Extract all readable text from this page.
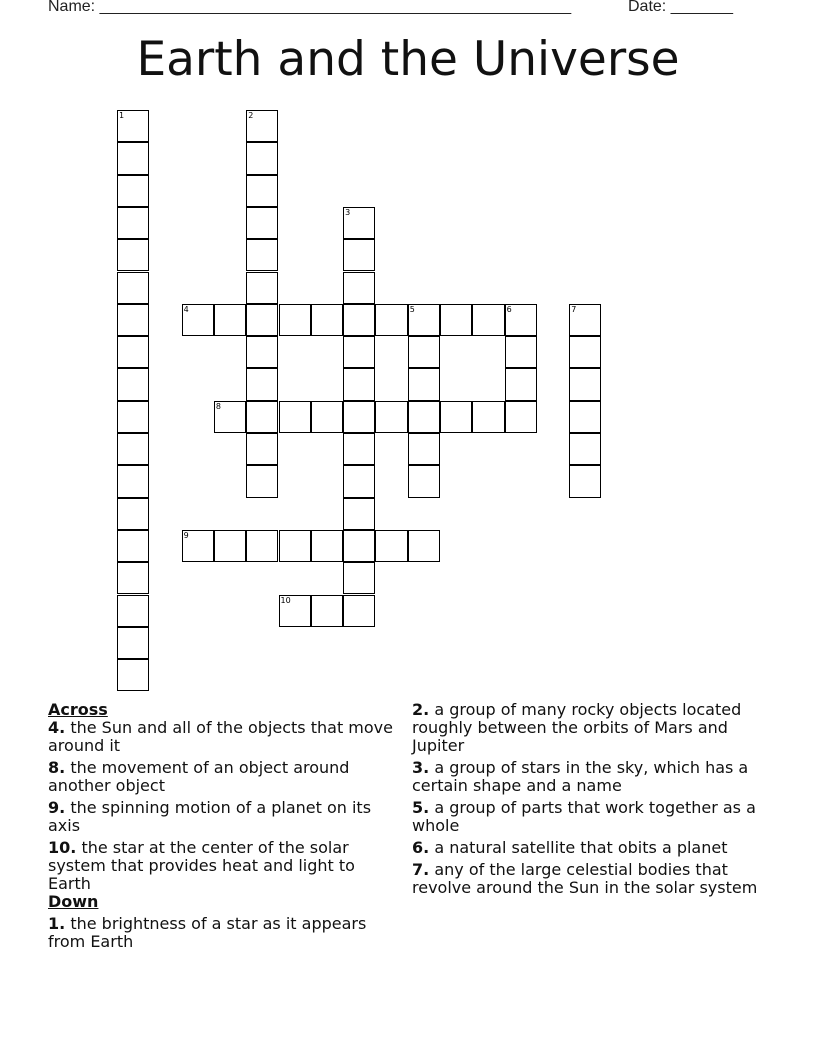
Name: _____________________________________________________	Date: _______
Earth and the Universe
1	2
3
4	5	6	7
8
9
10

Across

4. the Sun and all of the objects that move around it

8. the movement of an object around another object

9. the spinning motion of a planet on its axis

10. the star at the center of the solar system that provides heat and light to Earth

Down

1. the brightness of a star as it appears from Earth

2. a group of many rocky objects located roughly between the orbits of Mars and Jupiter

3. a group of stars in the sky, which has a certain shape and a name

5. a group of parts that work together as a whole

6. a natural satellite that obits a planet

7. any of the large celestial bodies that revolve around the Sun in the solar system
